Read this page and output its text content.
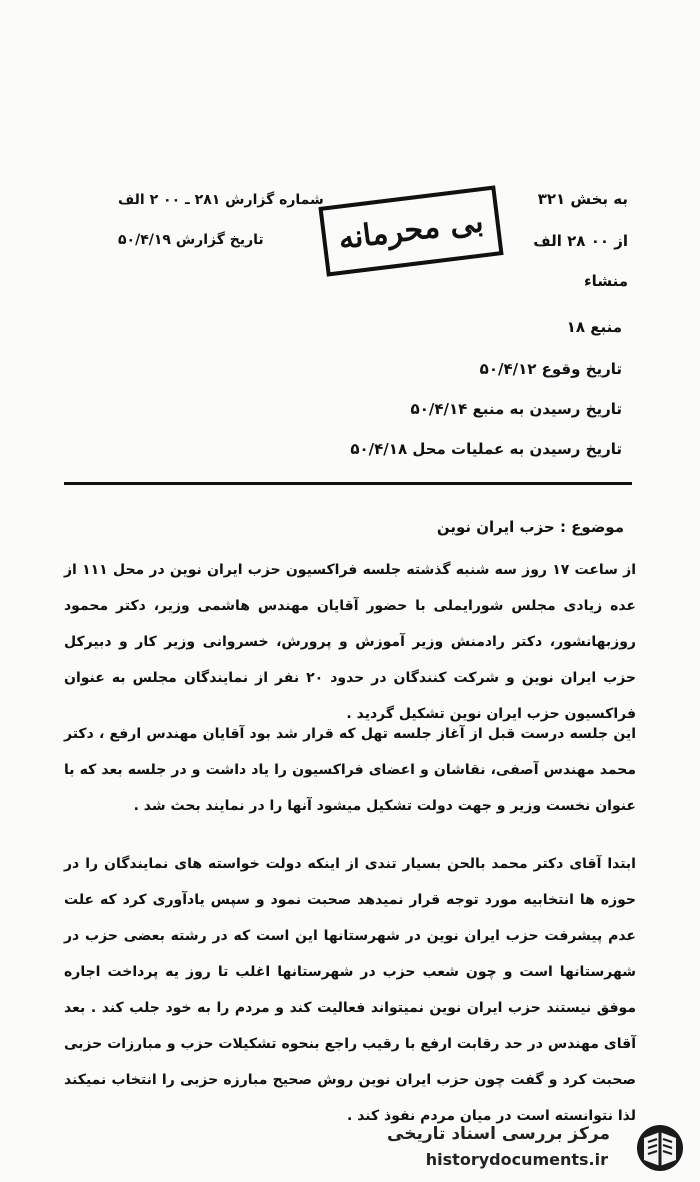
به بخش ۳۲۱
از ۰۰ ۲۸ الف
منشاء
شماره گزارش ۲۸۱ ـ ۰۰ ۲ الف
تاریخ گزارش ۵۰/۴/۱۹ بی محرمانه
منبع ۱۸
تاریخ وقوع ۵۰/۴/۱۲
تاریخ رسیدن به منبع ۵۰/۴/۱۴
تاریخ رسیدن به عملیات محل ۵۰/۴/۱۸
موضوع : حزب ایران نوین
از ساعت ۱۷ روز سه شنبه گذشته جلسه فراکسیون حزب ایران نوین در محل ۱۱۱ از عده زیادی مجلس شورایملی با حضور آقایان مهندس هاشمی وزیر، دکتر محمود روزبهانشور، دکتر رادمنش وزیر آموزش و پرورش، خسروانی وزیر کار و دبیرکل حزب ایران نوین و شرکت کنندگان در حدود ۲۰ نفر از نمایندگان مجلس به عنوان فراکسیون حزب ایران نوین تشکیل گردید .
این جلسه درست قبل از آغاز جلسه تهل که قرار شد بود آقایان مهندس ارفع ، دکتر محمد مهندس آصفی، نقاشان و اعضای فراکسیون را یاد داشت و در جلسه بعد که با عنوان نخست وزیر و جهت دولت تشکیل میشود آنها را در نمایند بحث شد .
ابتدا آقای دکتر محمد بالحن بسیار تندی از اینکه دولت خواسته های نمایندگان را در حوزه ها انتخابیه مورد توجه قرار نمیدهد صحبت نمود و سپس یادآوری کرد که علت عدم پیشرفت حزب ایران نوین در شهرستانها این است که در رشته بعضی حزب در شهرستانها است و چون شعب حزب در شهرستانها اغلب تا روز یه پرداخت اجاره موفق نیستند حزب ایران نوین نمیتواند فعالیت کند و مردم را به خود جلب کند . بعد آقای مهندس در حد رقابت ارفع با رقیب راجع بنحوه تشکیلات حزب و مبارزات حزبی صحبت کرد و گفت چون حزب ایران نوین روش صحیح مبارزه حزبی را انتخاب نمیکند لذا نتوانسته است در میان مردم نفوذ کند .
مرکز بررسی اسناد تاریخی
historydocuments.ir
